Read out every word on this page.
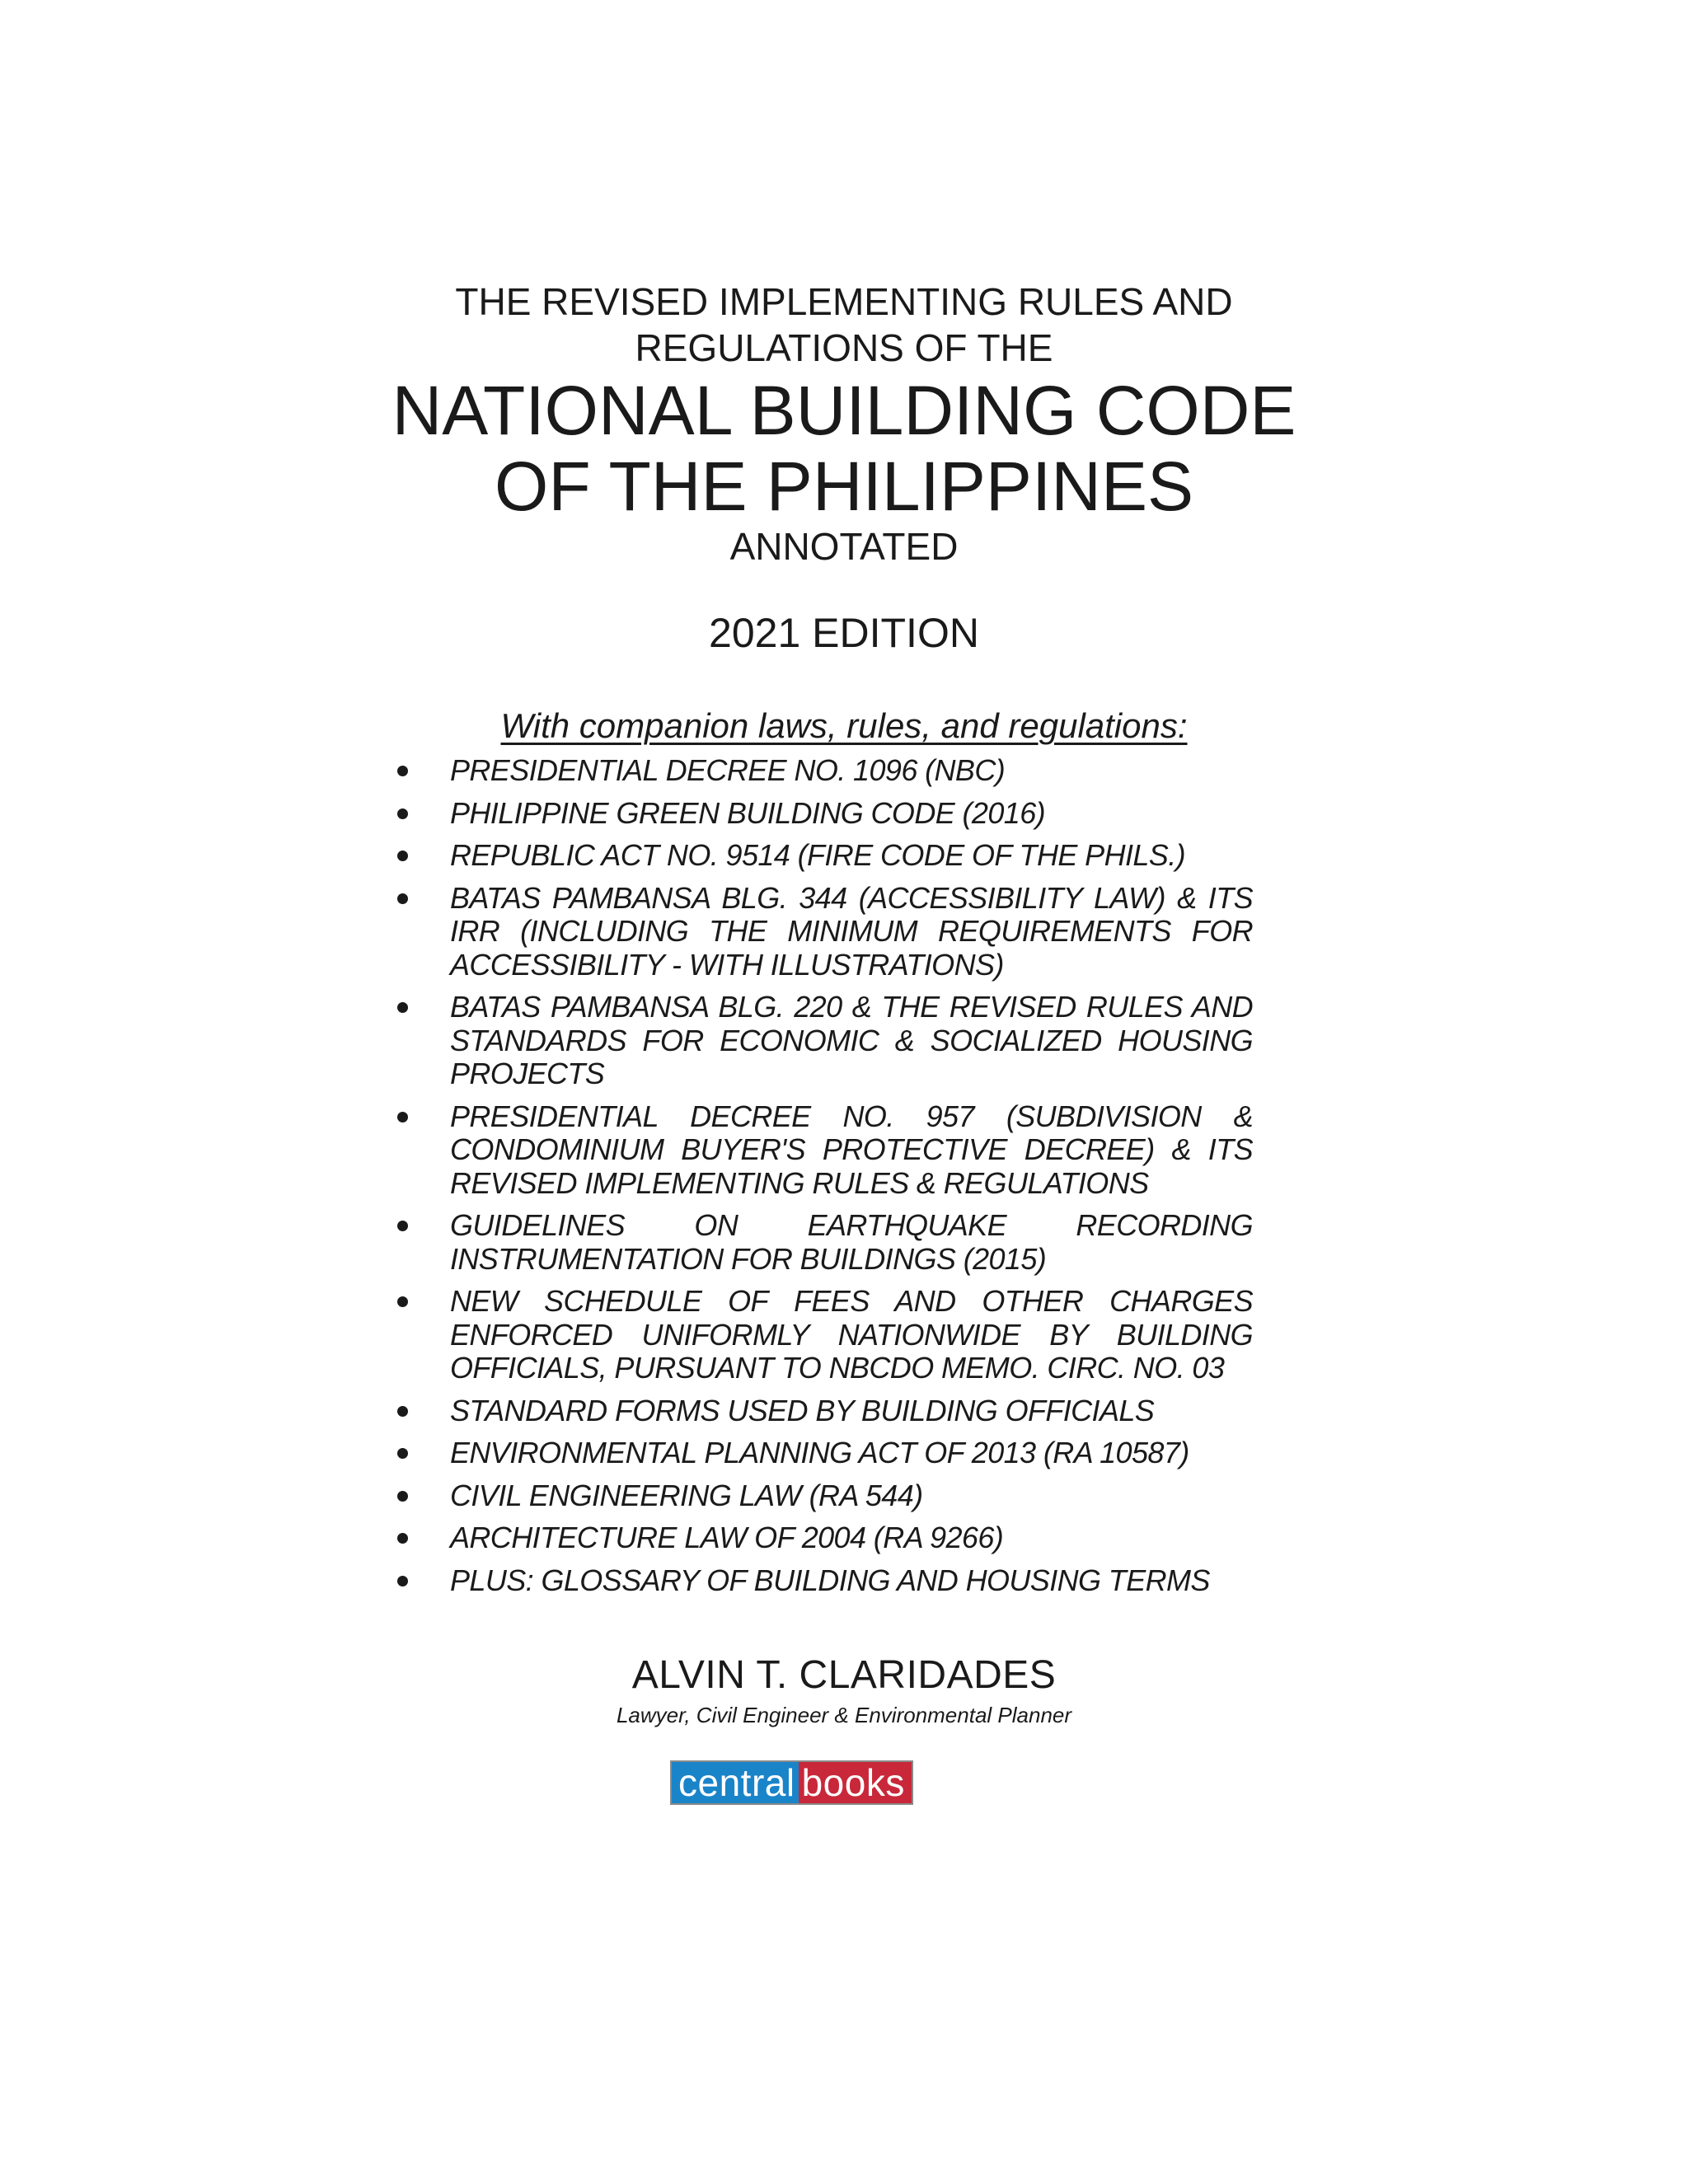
THE REVISED IMPLEMENTING RULES AND
REGULATIONS OF THE
NATIONAL BUILDING CODE
OF THE PHILIPPINES
ANNOTATED
2021 EDITION
With companion laws, rules, and regulations:
PRESIDENTIAL DECREE NO. 1096 (NBC)
PHILIPPINE GREEN BUILDING CODE (2016)
REPUBLIC ACT NO. 9514 (FIRE CODE OF THE PHILS.)
BATAS PAMBANSA BLG. 344 (ACCESSIBILITY LAW) & ITS IRR (INCLUDING THE MINIMUM REQUIREMENTS FOR ACCESSIBILITY - WITH ILLUSTRATIONS)
BATAS PAMBANSA BLG. 220 & THE REVISED RULES AND STANDARDS FOR ECONOMIC & SOCIALIZED HOUSING PROJECTS
PRESIDENTIAL DECREE NO. 957 (SUBDIVISION & CONDOMINIUM BUYER'S PROTECTIVE DECREE) & ITS REVISED IMPLEMENTING RULES & REGULATIONS
GUIDELINES ON EARTHQUAKE RECORDING INSTRUMENTATION FOR BUILDINGS (2015)
NEW SCHEDULE OF FEES AND OTHER CHARGES ENFORCED UNIFORMLY NATIONWIDE BY BUILDING OFFICIALS, PURSUANT TO NBCDO MEMO. CIRC. NO. 03
STANDARD FORMS USED BY BUILDING OFFICIALS
ENVIRONMENTAL PLANNING ACT OF 2013 (RA 10587)
CIVIL ENGINEERING LAW (RA 544)
ARCHITECTURE LAW OF 2004 (RA 9266)
PLUS: GLOSSARY OF BUILDING AND HOUSING TERMS
ALVIN T. CLARIDADES
Lawyer, Civil Engineer & Environmental Planner
central books
